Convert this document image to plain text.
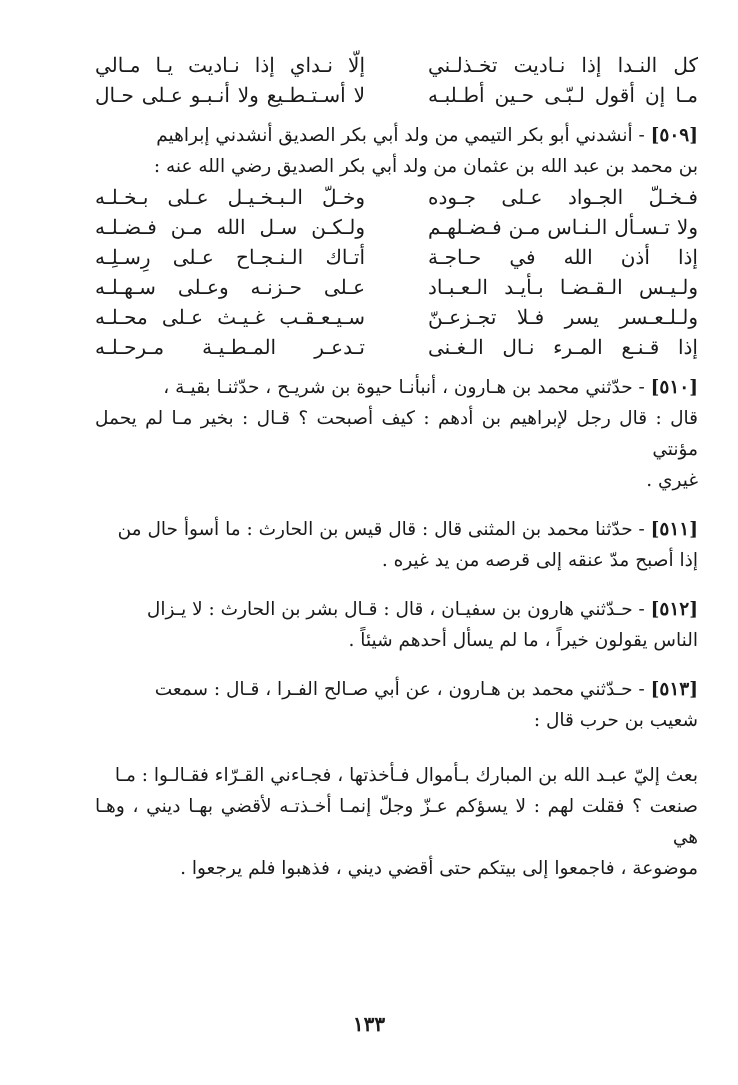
كل النـدا إذا نـاديت تخـذلـني
إلّا نـداي إذا نـاديت يـا مـالي
مـا إن أقول لـبّـى حـين أطـلبـه
لا أسـتـطـيع ولا أنـبـو عـلى حـال

[٥٠٩] - أنشدني أبو بكر التيمي من ولد أبي بكر الصديق أنشدني إبراهيم

بن محمد بن عبد الله بن عثمان من ولد أبي بكر الصديق رضي الله عنه :

فـخـلّ الجـواد عـلى جـوده
وخـلّ الـبـخـيـل عـلى بـخـلـه
ولا تـسـأل الـنـاس مـن فـضـلهـم
ولـكـن سـل الله مـن فـضـلـه
إذا أذن الله في حـاجـة
أتـاك الـنـجـاح عـلى رِسـلِـه
ولـيـس الـقـضـا بـأيـد الـعـبـاد
عـلى حـزنـه وعـلى سـهـلـه
ولـلـعـسر يسر فـلا تجـزعـنّ
سـيـعـقـب غـيـث عـلى محـلـه
إذا قـنـع المـرء نـال الـغـنى
تـدعـر المـطـيـة مـرحـلـه

[٥١٠] - حدّثني محمد بن هـارون ، أنبأنـا حيوة بن شريـح ، حدّثنـا بقيـة ،

قال : قال رجل لإبراهيم بن أدهم : كيف أصبحت ؟ قـال : بخير مـا لم يحمل مؤنتي

غيري .

[٥١١] - حدّثنا محمد بن المثنى قال : قال قيس بن الحارث : ما أسوأ حال من

إذا أصبح مدّ عنقه إلى قرصه من يد غيره .

[٥١٢] - حـدّثني هارون بن سفيـان ، قال : قـال بشر بن الحارث : لا يـزال

الناس يقولون خيراً ، ما لم يسأل أحدهم شيئاً .

[٥١٣] - حـدّثني محمد بن هـارون ، عن أبي صـالح الفـرا ، قـال : سمعت

شعيب بن حرب قال :

بعث إليّ عبـد الله بن المبارك بـأموال فـأخذتها ، فجـاءني القـرّاء فقـالـوا : مـا

صنعت ؟ فقلت لهم : لا يسؤكم عـزّ وجلّ إنمـا أخـذتـه لأقضي بهـا ديني ، وهـا هي

موضوعة ، فاجمعوا إلى بيتكم حتى أقضي ديني ، فذهبوا فلم يرجعوا .

١٣٣
